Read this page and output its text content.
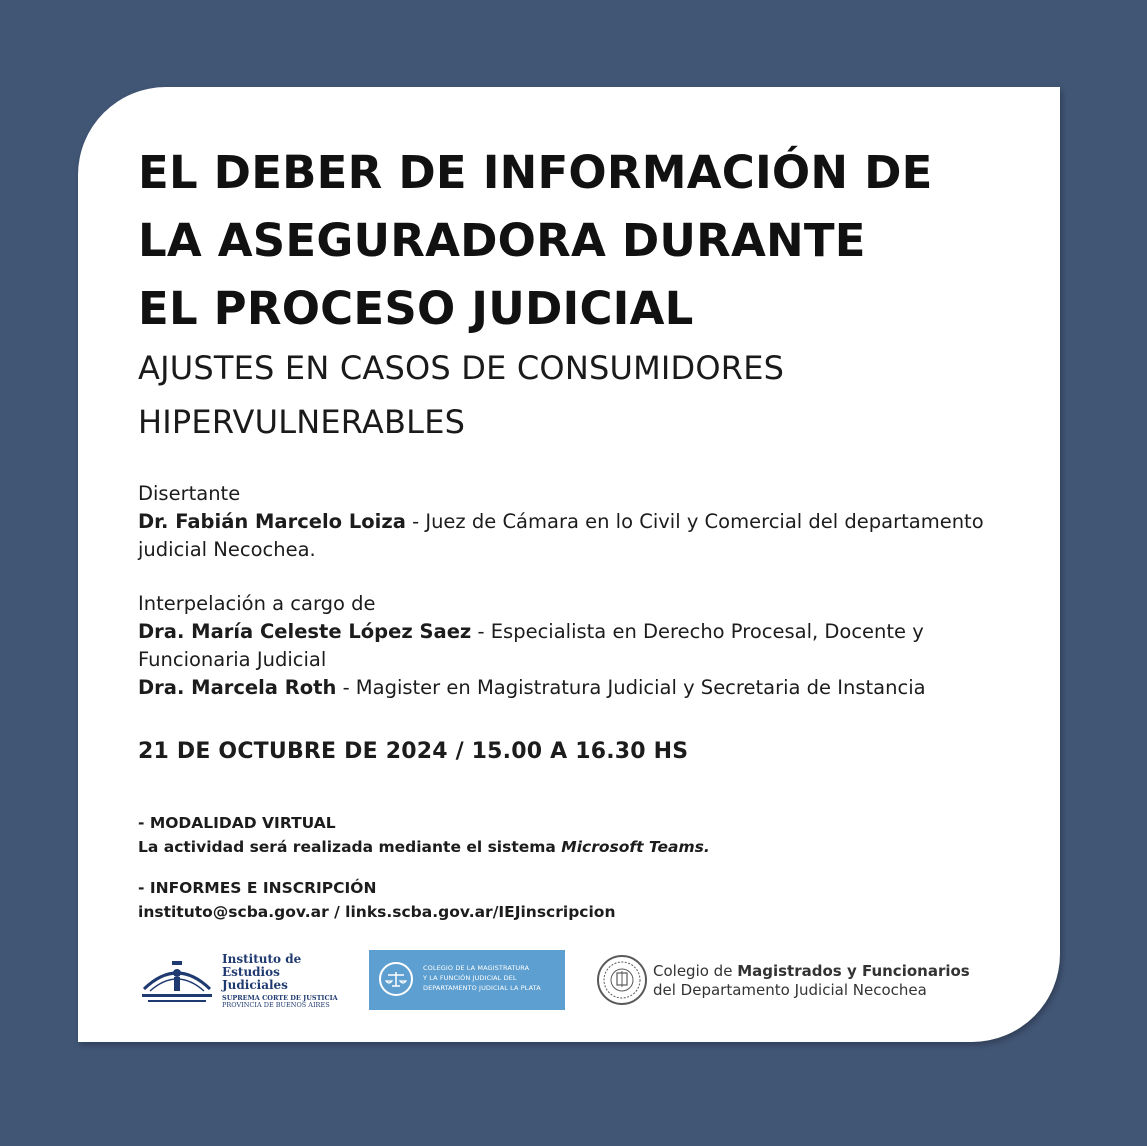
EL DEBER DE INFORMACIÓN DE
LA ASEGURADORA DURANTE
EL PROCESO JUDICIAL
AJUSTES EN CASOS DE CONSUMIDORES
HIPERVULNERABLES
Disertante
Dr. Fabián Marcelo Loiza - Juez de Cámara en lo Civil y Comercial del departamento judicial Necochea.
Interpelación a cargo de
Dra. María Celeste López Saez - Especialista en Derecho Procesal, Docente y Funcionaria Judicial
Dra. Marcela Roth - Magister en Magistratura Judicial y Secretaria de Instancia
21 DE OCTUBRE DE 2024 / 15.00 A 16.30 HS
- MODALIDAD VIRTUAL
La actividad será realizada mediante el sistema Microsoft Teams.
- INFORMES E INSCRIPCIÓN
instituto@scba.gov.ar / links.scba.gov.ar/IEJinscripcion
Instituto de
Estudios Judiciales
SUPREMA CORTE DE JUSTICIA
PROVINCIA DE BUENOS AIRES
COLEGIO DE LA MAGISTRATURA
Y LA FUNCIÓN JUDICIAL DEL
DEPARTAMENTO JUDICIAL LA PLATA
Colegio de Magistrados y Funcionarios
del Departamento Judicial Necochea
